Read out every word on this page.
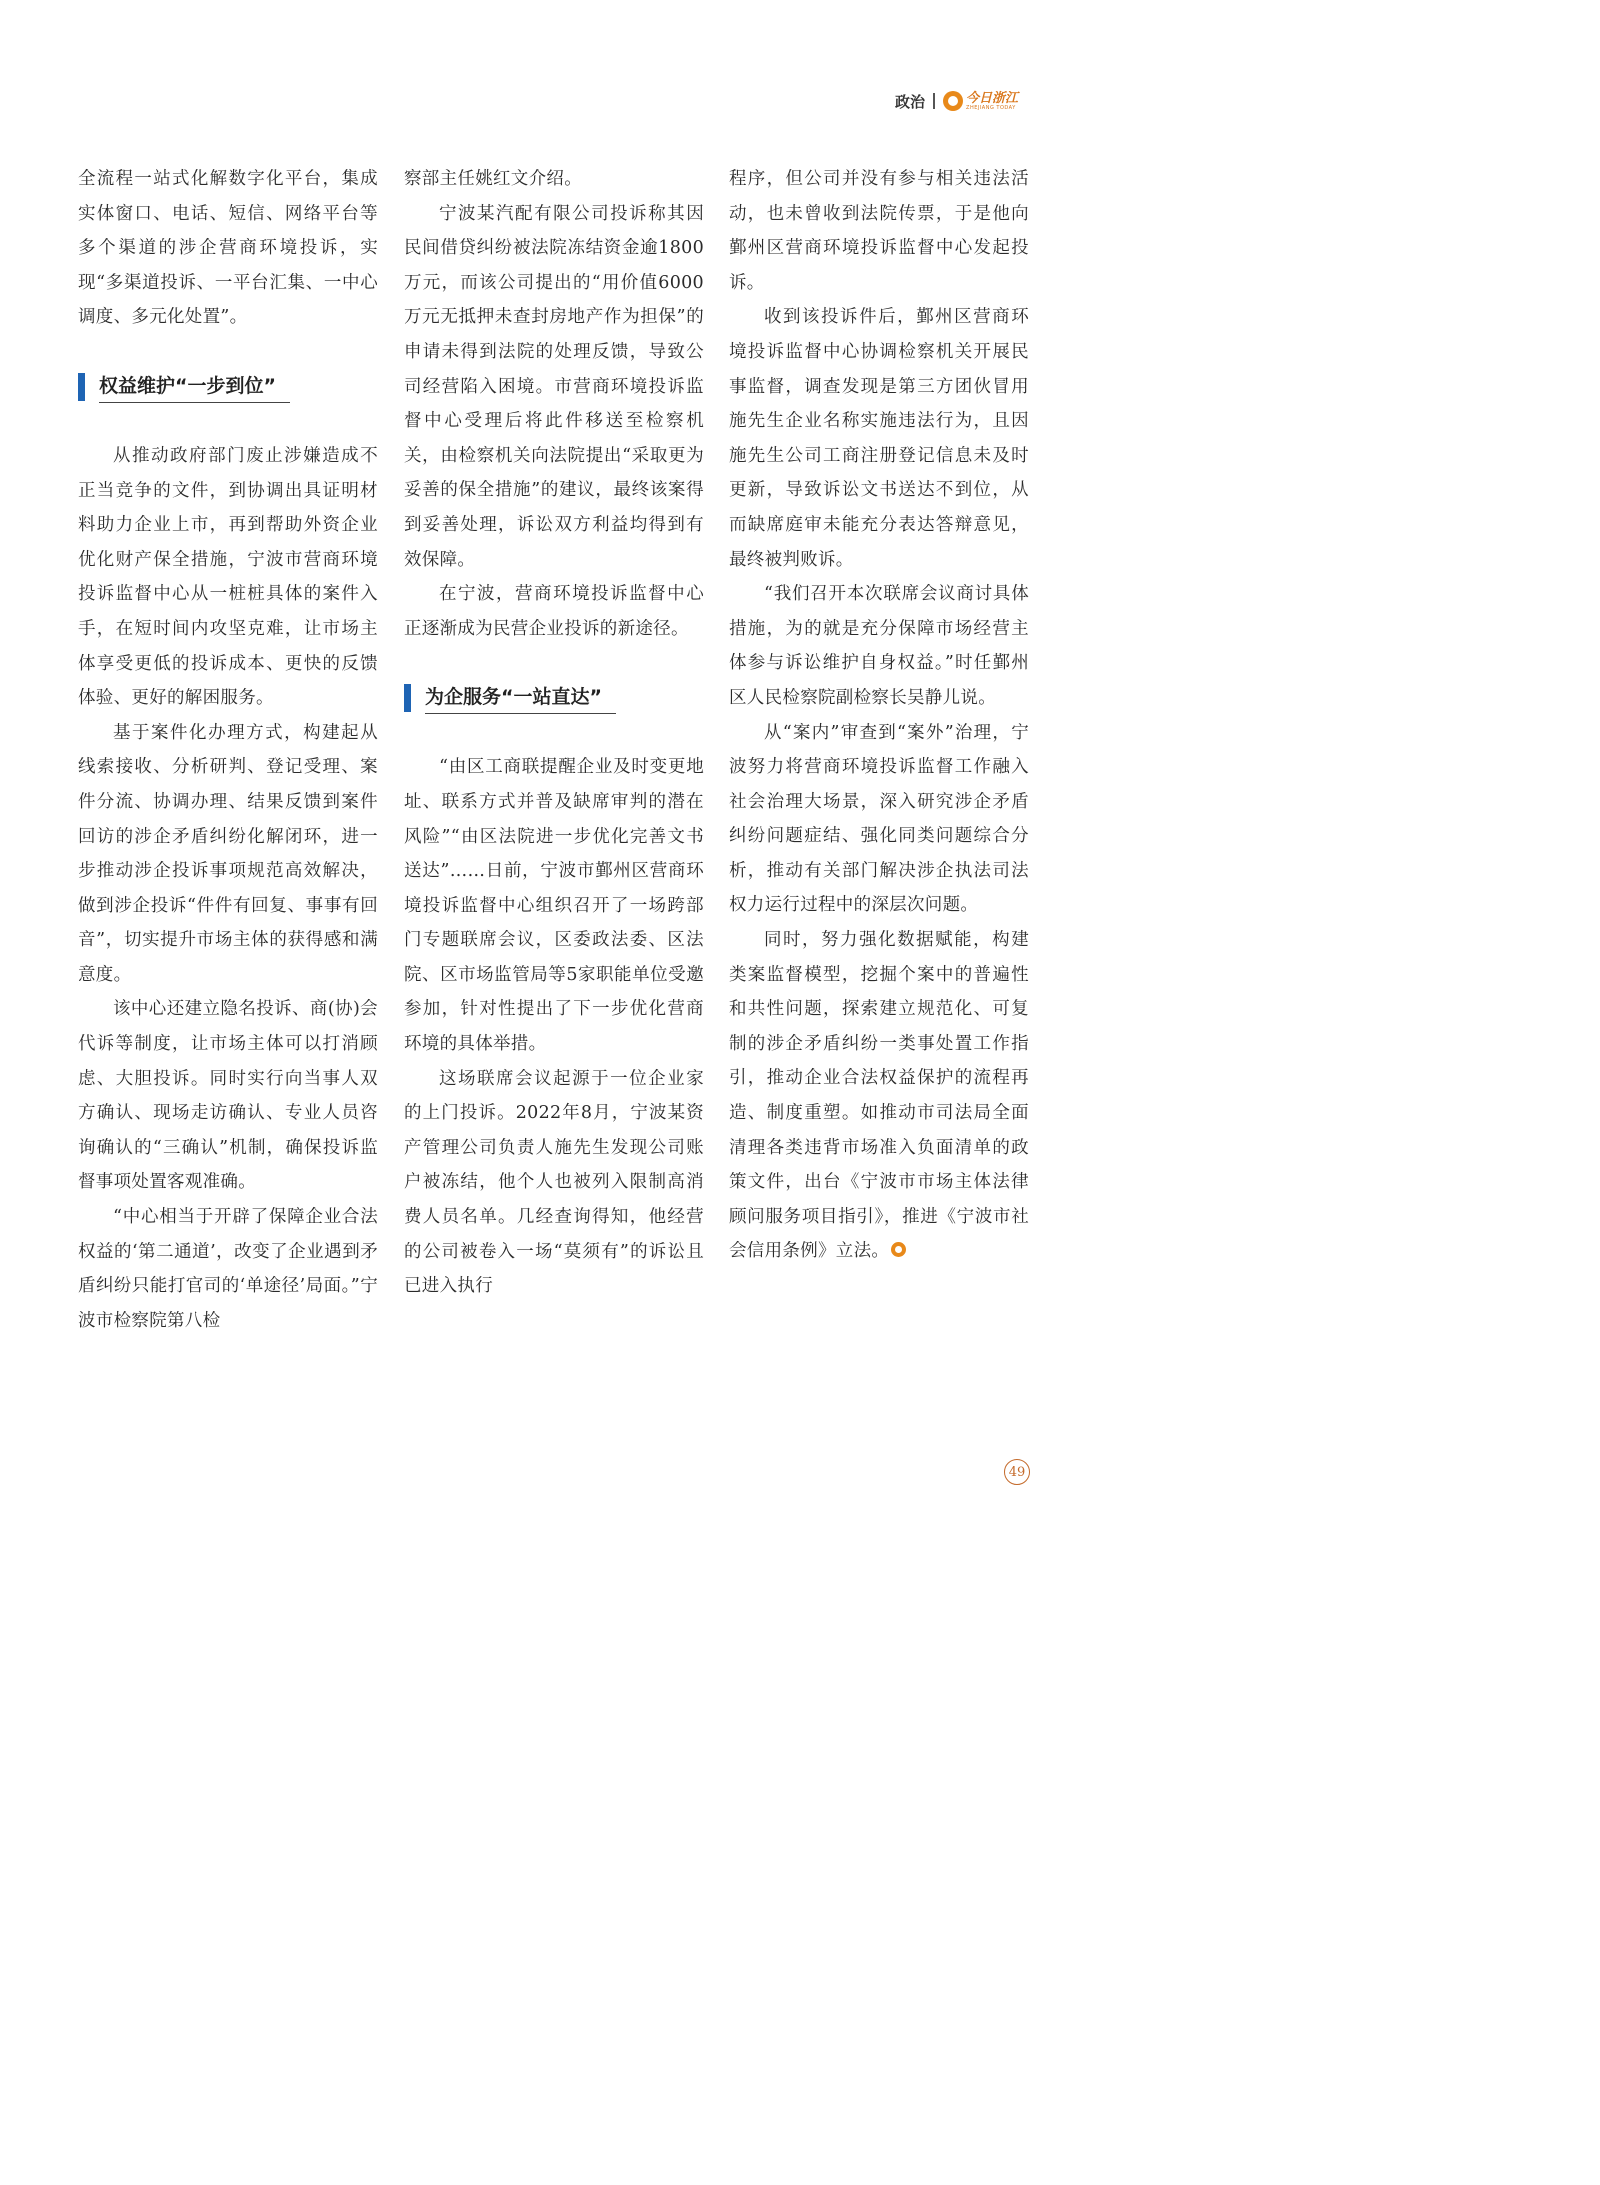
政治	今日浙江
ZHEJIANG TODAY

全流程一站式化解数字化平台，集成实体窗口、电话、短信、网络平台等多个渠道的涉企营商环境投诉，实现“多渠道投诉、一平台汇集、一中心调度、多元化处置”。

权益维护“一步到位”

从推动政府部门废止涉嫌造成不正当竞争的文件，到协调出具证明材料助力企业上市，再到帮助外资企业优化财产保全措施，宁波市营商环境投诉监督中心从一桩桩具体的案件入手，在短时间内攻坚克难，让市场主体享受更低的投诉成本、更快的反馈体验、更好的解困服务。

基于案件化办理方式，构建起从线索接收、分析研判、登记受理、案件分流、协调办理、结果反馈到案件回访的涉企矛盾纠纷化解闭环，进一步推动涉企投诉事项规范高效解决，做到涉企投诉“件件有回复、事事有回音”，切实提升市场主体的获得感和满意度。

该中心还建立隐名投诉、商(协)会代诉等制度，让市场主体可以打消顾虑、大胆投诉。同时实行向当事人双方确认、现场走访确认、专业人员咨询确认的“三确认”机制，确保投诉监督事项处置客观准确。

“中心相当于开辟了保障企业合法权益的‘第二通道’，改变了企业遇到矛盾纠纷只能打官司的‘单途径’局面。”宁波市检察院第八检

察部主任姚红文介绍。

宁波某汽配有限公司投诉称其因民间借贷纠纷被法院冻结资金逾1800万元，而该公司提出的“用价值6000万元无抵押未查封房地产作为担保”的申请未得到法院的处理反馈，导致公司经营陷入困境。市营商环境投诉监督中心受理后将此件移送至检察机关，由检察机关向法院提出“采取更为妥善的保全措施”的建议，最终该案得到妥善处理，诉讼双方利益均得到有效保障。

在宁波，营商环境投诉监督中心正逐渐成为民营企业投诉的新途径。

为企服务“一站直达”

“由区工商联提醒企业及时变更地址、联系方式并普及缺席审判的潜在风险”“由区法院进一步优化完善文书送达”……日前，宁波市鄞州区营商环境投诉监督中心组织召开了一场跨部门专题联席会议，区委政法委、区法院、区市场监管局等5家职能单位受邀参加，针对性提出了下一步优化营商环境的具体举措。

这场联席会议起源于一位企业家的上门投诉。2022年8月，宁波某资产管理公司负责人施先生发现公司账户被冻结，他个人也被列入限制高消费人员名单。几经查询得知，他经营的公司被卷入一场“莫须有”的诉讼且已进入执行

程序，但公司并没有参与相关违法活动，也未曾收到法院传票，于是他向鄞州区营商环境投诉监督中心发起投诉。

收到该投诉件后，鄞州区营商环境投诉监督中心协调检察机关开展民事监督，调查发现是第三方团伙冒用施先生企业名称实施违法行为，且因施先生公司工商注册登记信息未及时更新，导致诉讼文书送达不到位，从而缺席庭审未能充分表达答辩意见，最终被判败诉。

“我们召开本次联席会议商讨具体措施，为的就是充分保障市场经营主体参与诉讼维护自身权益。”时任鄞州区人民检察院副检察长吴静儿说。

从“案内”审查到“案外”治理，宁波努力将营商环境投诉监督工作融入社会治理大场景，深入研究涉企矛盾纠纷问题症结、强化同类问题综合分析，推动有关部门解决涉企执法司法权力运行过程中的深层次问题。

同时，努力强化数据赋能，构建类案监督模型，挖掘个案中的普遍性和共性问题，探索建立规范化、可复制的涉企矛盾纠纷一类事处置工作指引，推动企业合法权益保护的流程再造、制度重塑。如推动市司法局全面清理各类违背市场准入负面清单的政策文件，出台《宁波市市场主体法律顾问服务项目指引》，推进《宁波市社会信用条例》立法。

49
